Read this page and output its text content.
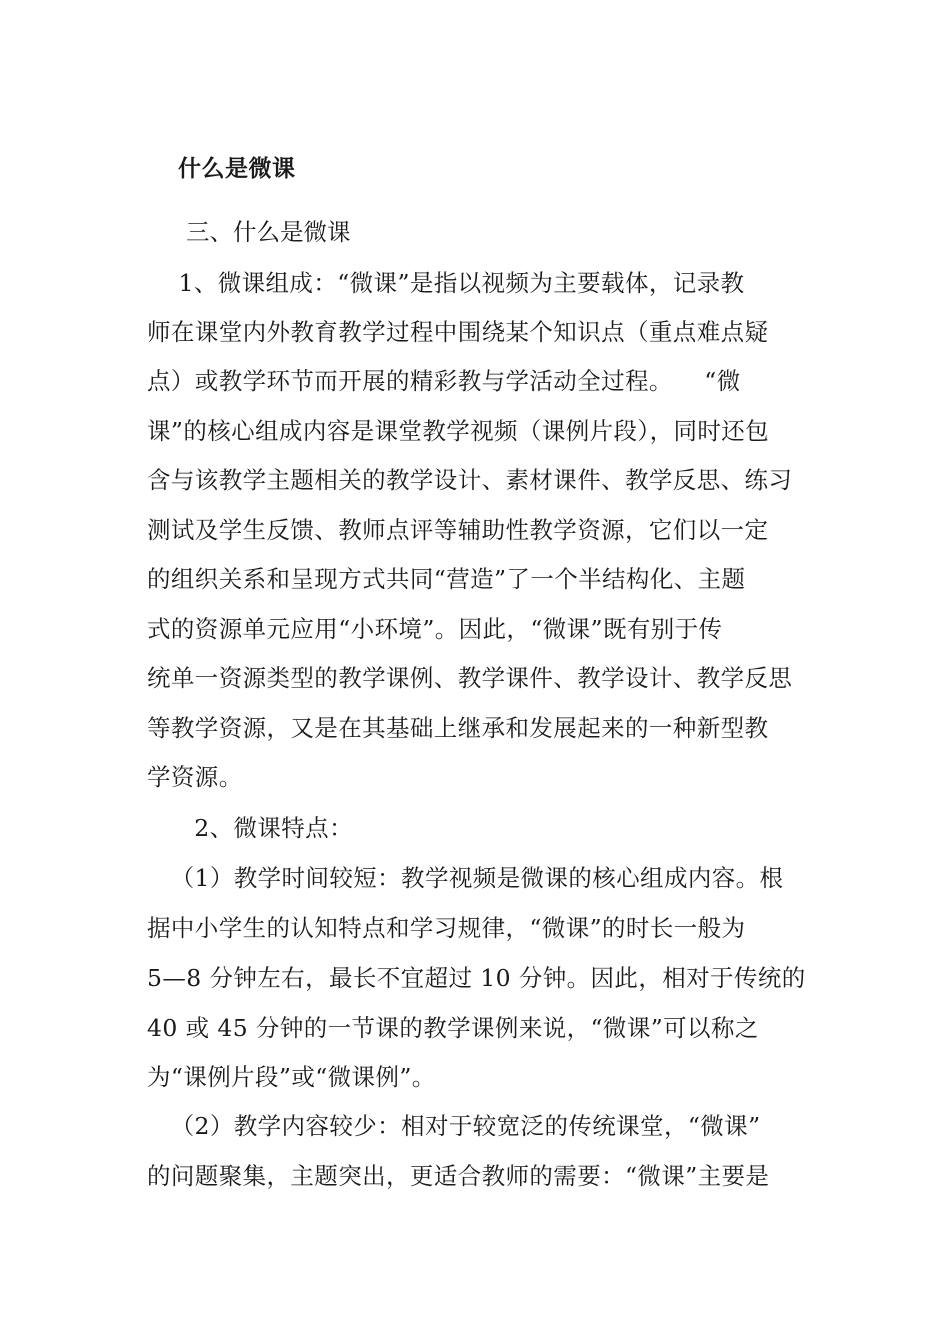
什么是微课

三、什么是微课

1、微课组成：“微课”是指以视频为主要载体，记录教

师在课堂内外教育教学过程中围绕某个知识点（重点难点疑

点）或教学环节而开展的精彩教与学活动全过程。    “微

课”的核心组成内容是课堂教学视频（课例片段），同时还包

含与该教学主题相关的教学设计、素材课件、教学反思、练习

测试及学生反馈、教师点评等辅助性教学资源，它们以一定

的组织关系和呈现方式共同“营造”了一个半结构化、主题

式的资源单元应用“小环境”。因此，“微课”既有别于传

统单一资源类型的教学课例、教学课件、教学设计、教学反思

等教学资源，又是在其基础上继承和发展起来的一种新型教

学资源。

2、微课特点：

（1）教学时间较短：教学视频是微课的核心组成内容。根

据中小学生的认知特点和学习规律，“微课”的时长一般为

5—8 分钟左右，最长不宜超过 10 分钟。因此，相对于传统的

40 或 45 分钟的一节课的教学课例来说，“微课”可以称之

为“课例片段”或“微课例”。

（2）教学内容较少：相对于较宽泛的传统课堂，“微课”

的问题聚集，主题突出，更适合教师的需要：“微课”主要是
